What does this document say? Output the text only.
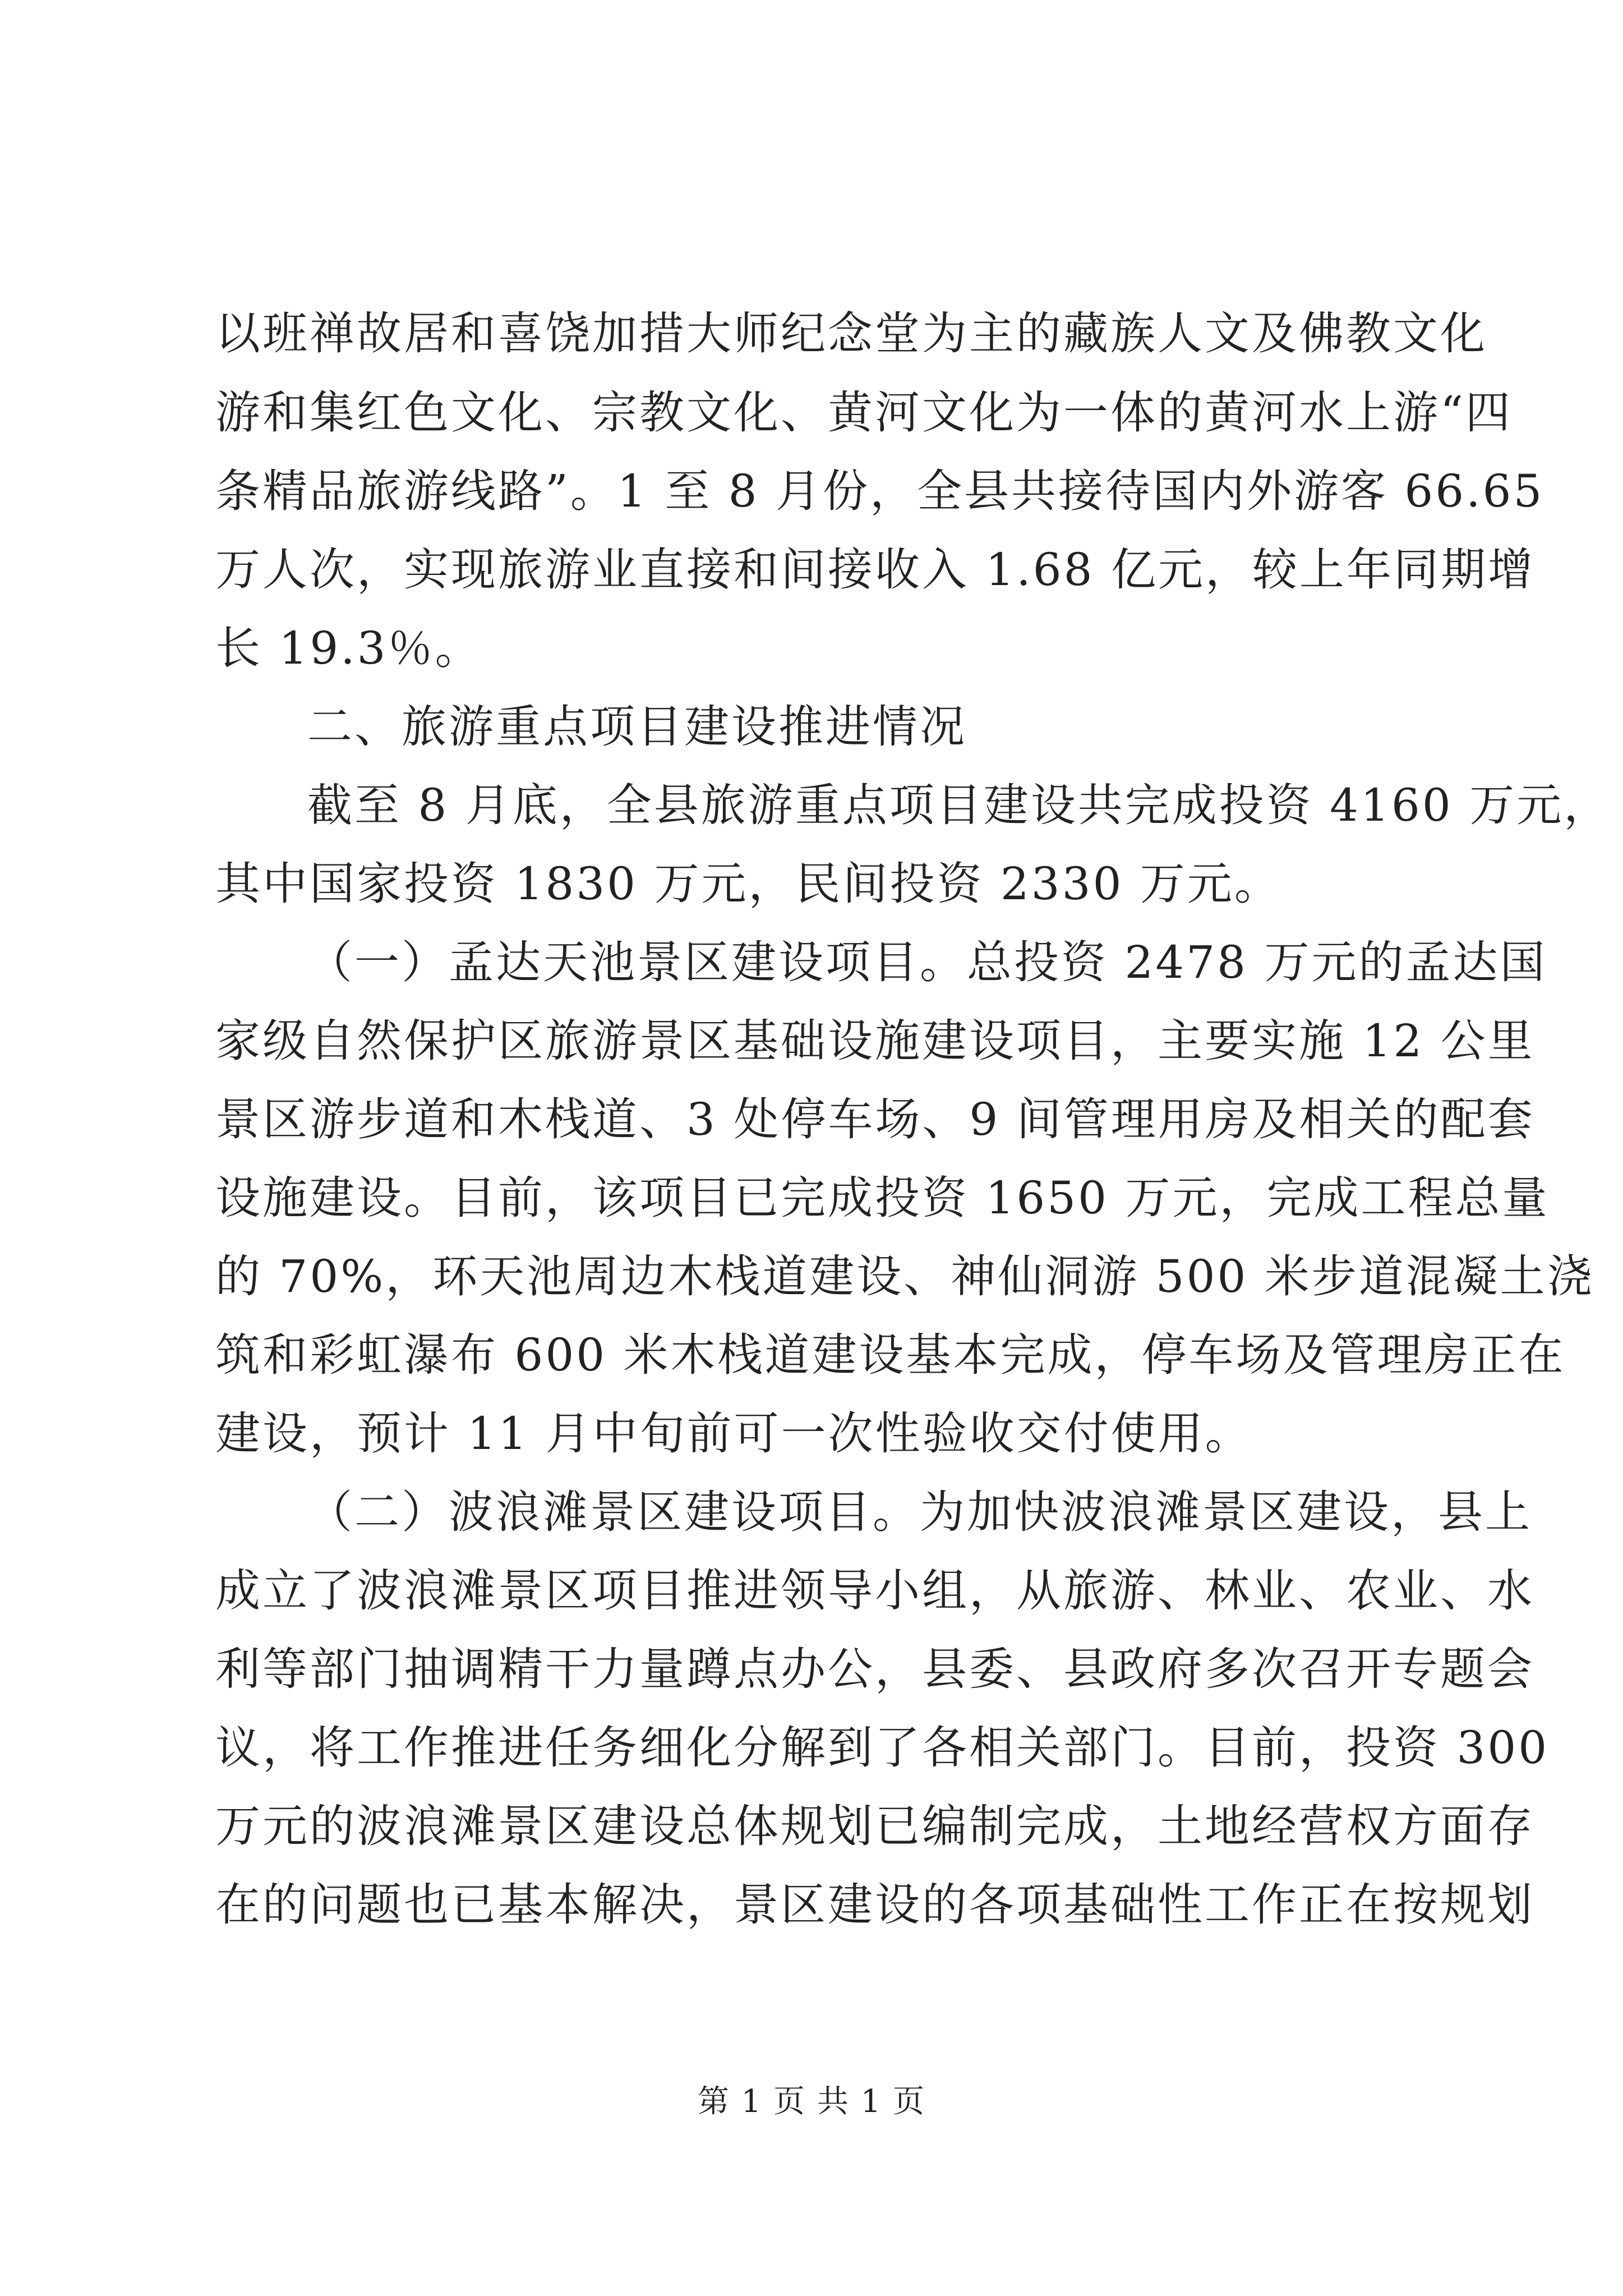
以班禅故居和喜饶加措大师纪念堂为主的藏族人文及佛教文化
游和集红色文化、宗教文化、黄河文化为一体的黄河水上游“四
条精品旅游线路”。1 至 8 月份，全县共接待国内外游客 66.65
万人次，实现旅游业直接和间接收入 1.68 亿元，较上年同期增
长 19.3％。
二、旅游重点项目建设推进情况
截至 8 月底，全县旅游重点项目建设共完成投资 4160 万元，
其中国家投资 1830 万元，民间投资 2330 万元。
（一）孟达天池景区建设项目。总投资 2478 万元的孟达国
家级自然保护区旅游景区基础设施建设项目，主要实施 12 公里
景区游步道和木栈道、3 处停车场、9 间管理用房及相关的配套
设施建设。目前，该项目已完成投资 1650 万元，完成工程总量
的 70%，环天池周边木栈道建设、神仙洞游 500 米步道混凝土浇
筑和彩虹瀑布 600 米木栈道建设基本完成，停车场及管理房正在
建设，预计 11 月中旬前可一次性验收交付使用。
（二）波浪滩景区建设项目。为加快波浪滩景区建设，县上
成立了波浪滩景区项目推进领导小组，从旅游、林业、农业、水
利等部门抽调精干力量蹲点办公，县委、县政府多次召开专题会
议，将工作推进任务细化分解到了各相关部门。目前，投资 300
万元的波浪滩景区建设总体规划已编制完成，土地经营权方面存
在的问题也已基本解决，景区建设的各项基础性工作正在按规划
第 1 页 共 1 页
